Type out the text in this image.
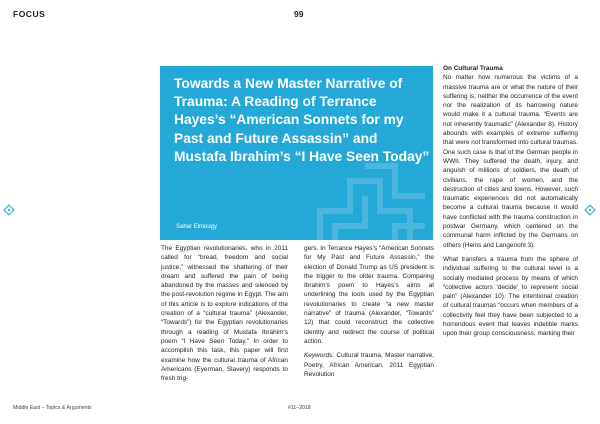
FOCUS	99
Towards a New Master Narrative of Trauma: A Reading of Terrance Hayes’s “American Sonnets for my Past and Future Assassin” and Mustafa Ibrahim’s “I Have Seen Today”
Sahar Elmougy

The Egyptian revolutionaries, who in 2011 called for “bread, freedom and social justice,” witnessed the shattering of their dream and suffered the pain of being abandoned by the masses and silenced by the post-revolution regime in Egypt. The aim of this article is to explore indications of the creation of a “cultural trauma” (Alexander, “Towards”) for the Egyptian revolutionaries through a reading of Mustafa Ibrahim’s poem “I Have Seen Today.” In order to accomplish this task, this paper will first examine how the cultural trauma of African Americans (Eyerman, Slavery) responds to fresh trig-

gers. In Terrance Hayes’s “American Sonnets for My Past and Future Assassin,” the election of Donald Trump as US president is the trigger to the older trauma. Comparing Ibrahim’s poem to Hayes’s aims at underlining the tools used by the Egyptian revolutionaries to create “a new master narrative” of trauma (Alexander, “Towards” 12) that could reconstruct the collective identity and redirect the course of political action.

Keywords: Cultural trauma, Master narrative, Poetry, African American, 2011 Egyptian Revolution

On Cultural Trauma

No matter how numerous the victims of a massive trauma are or what the nature of their suffering is, neither the occurrence of the event nor the realization of its harrowing nature would make it a cultural trauma. “Events are not inherently traumatic” (Alexander 8). History abounds with examples of extreme suffering that were not transformed into cultural traumas. One such case is that of the German people in WWII. They suffered the death, injury, and anguish of millions of soldiers, the death of civilians, the rape of women, and the destruction of cities and towns. However, such traumatic experiences did not automatically become a cultural trauma because it would have conflicted with the trauma construction in postwar Germany, which centered on the communal harm inflicted by the Germans on others (Heins and Langenohl 3).

What transfers a trauma from the sphere of individual suffering to the cultural level is a socially mediated process by means of which “collective actors ‘decide’ to represent social pain” (Alexander 10). The intentional creation of cultural traumas “occurs when members of a collectivity feel they have been subjected to a horrendous event that leaves indelible marks upon their group consciousness, marking their

Middle East – Topics & Arguments	#11–2018
